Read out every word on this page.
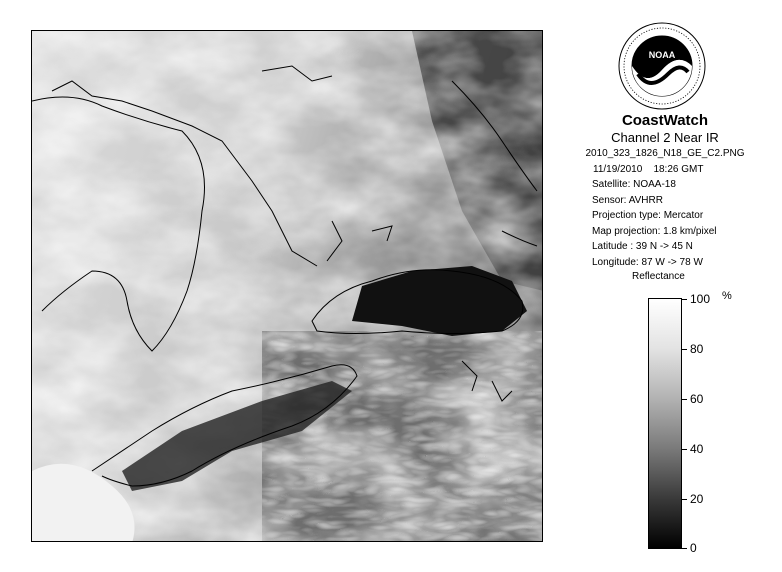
NOAA
CoastWatch
Channel 2 Near IR
2010_323_1826_N18_GE_C2.PNG
11/19/2010 18:26 GMT
Satellite: NOAA-18
Sensor: AVHRR
Projection type: Mercator
Map projection: 1.8 km/pixel
Latitude : 39 N -> 45 N
Longitude: 87 W -> 78 W
Reflectance
%
100
80
60
40
20
0
